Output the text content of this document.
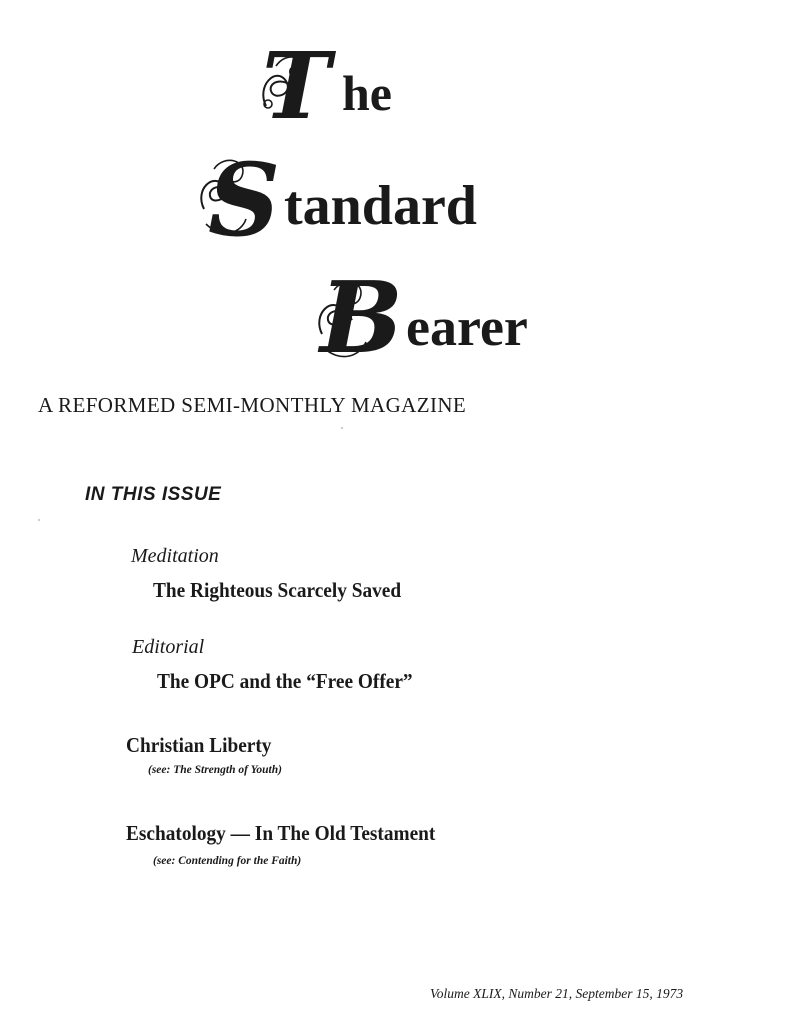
T he
S tandard
B earer
A REFORMED SEMI-MONTHLY MAGAZINE
IN THIS ISSUE
Meditation
The Righteous Scarcely Saved
Editorial
The OPC and the “Free Offer”
Christian Liberty
(see: The Strength of Youth)
Eschatology — In The Old Testament
(see: Contending for the Faith)
Volume XLIX, Number 21, September 15, 1973
